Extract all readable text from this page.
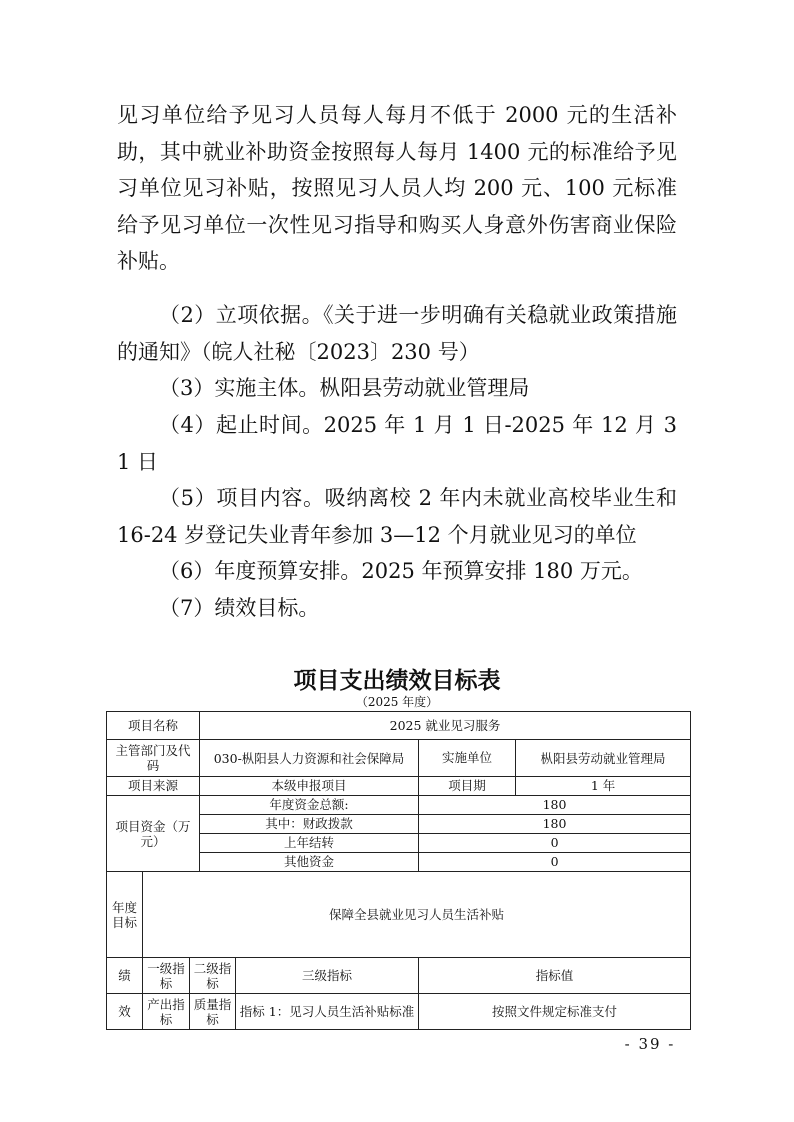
见习单位给予见习人员每人每月不低于 2000 元的生活补助，其中就业补助资金按照每人每月 1400 元的标准给予见习单位见习补贴，按照见习人员人均 200 元、100 元标准给予见习单位一次性见习指导和购买人身意外伤害商业保险补贴。

（2）立项依据。《关于进一步明确有关稳就业政策措施的通知》（皖人社秘〔2023〕230 号）

（3）实施主体。枞阳县劳动就业管理局

（4）起止时间。2025 年 1 月 1 日-2025 年 12 月 31 日

（5）项目内容。吸纳离校 2 年内未就业高校毕业生和 16-24 岁登记失业青年参加 3—12 个月就业见习的单位

（6）年度预算安排。2025 年预算安排 180 万元。

（7）绩效目标。

项目支出绩效目标表

（2025 年度）

项目名称			2025 就业见习服务			
主管部门及代码			030-枞阳县人力资源和社会保障局		实施单位	枞阳县劳动就业管理局
项目来源			本级申报项目		项目期	1 年
项目资金（万元）			年度资金总额:		180	
			其中：财政拨款		180	
			上年结转		0	
			其他资金		0	
年度目标	保障全县就业见习人员生活补贴					
绩	一级指标	二级指标		三级指标	指标值	
效	产出指标	质量指标		指标 1：见习人员生活补贴标准	按照文件规定标准支付	
- 39 -
